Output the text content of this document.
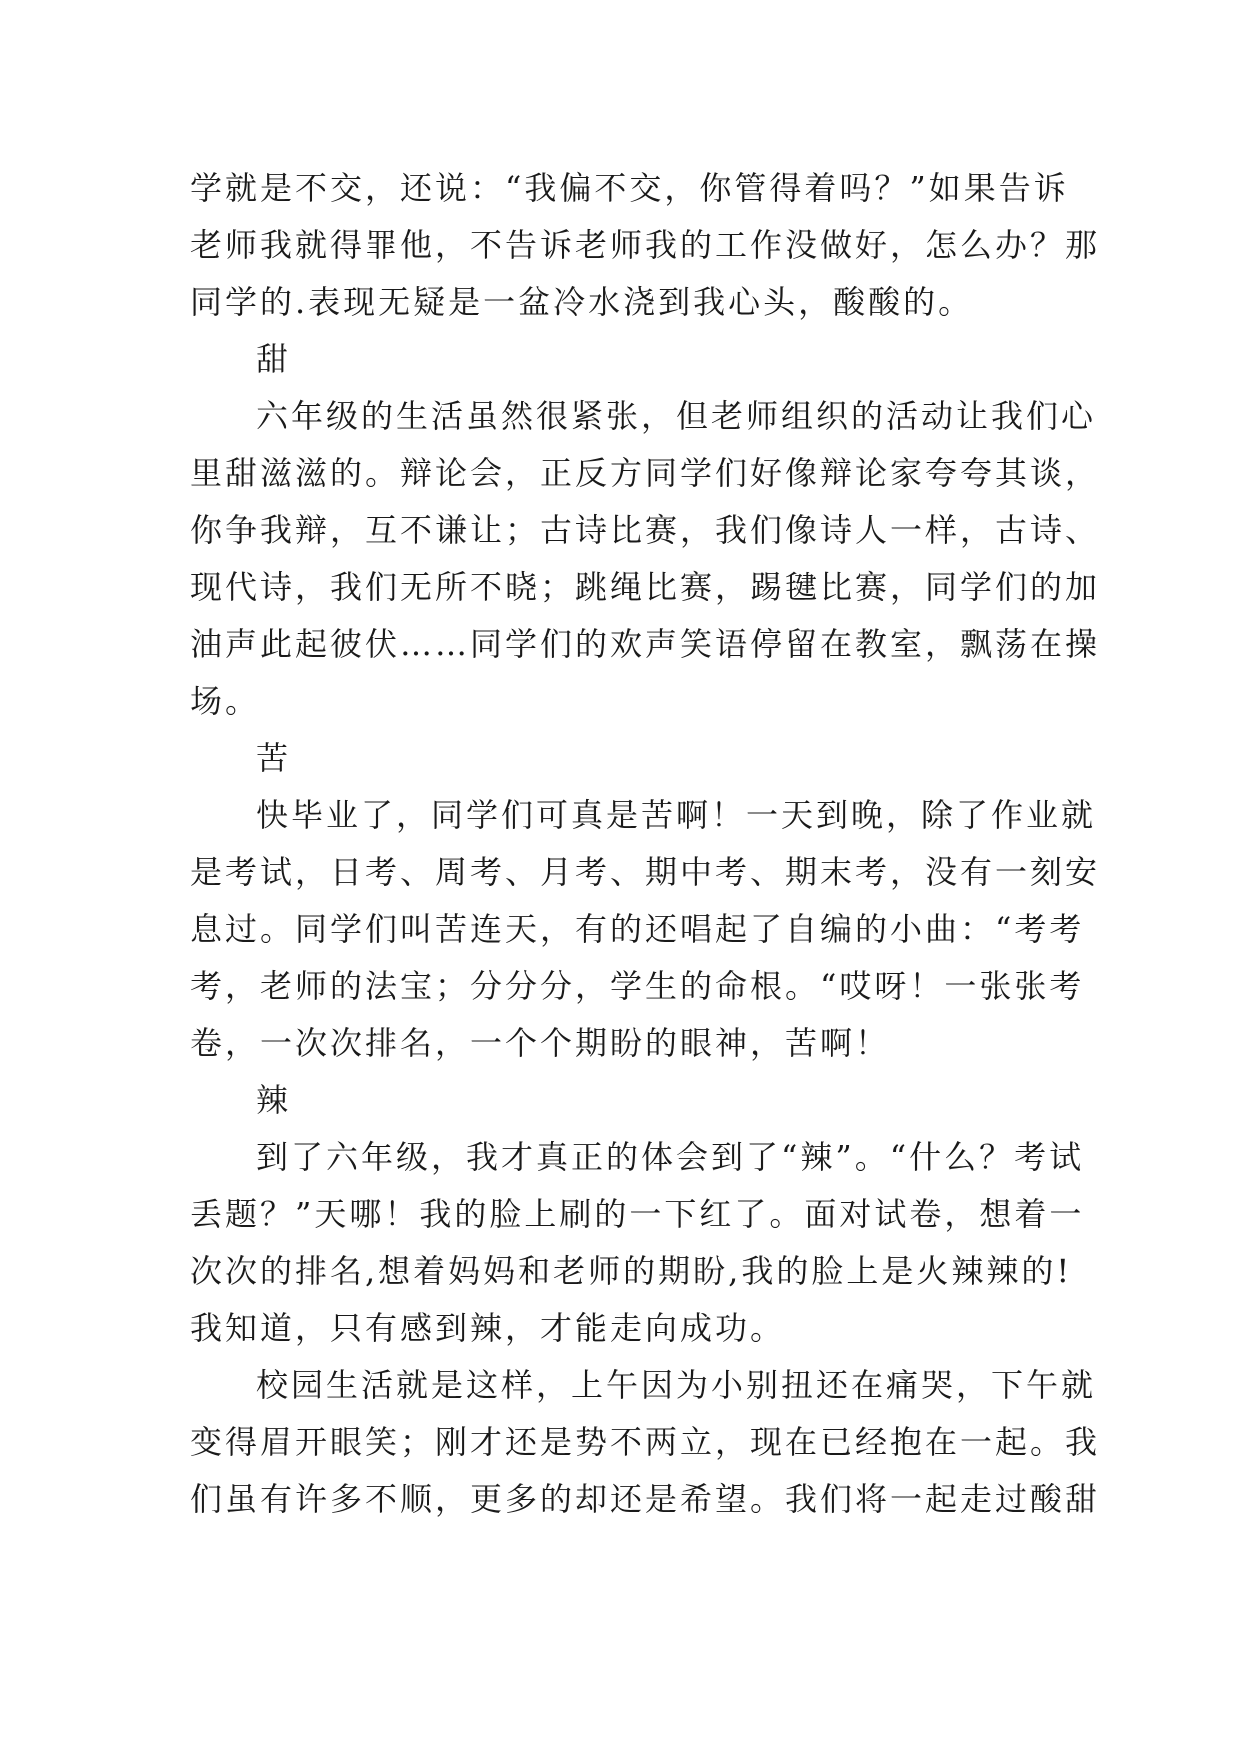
学就是不交，还说：“我偏不交，你管得着吗？”如果告诉
老师我就得罪他，不告诉老师我的工作没做好，怎么办？那
同学的.表现无疑是一盆冷水浇到我心头，酸酸的。
甜
六年级的生活虽然很紧张，但老师组织的活动让我们心
里甜滋滋的。辩论会，正反方同学们好像辩论家夸夸其谈，
你争我辩，互不谦让；古诗比赛，我们像诗人一样，古诗、
现代诗，我们无所不晓；跳绳比赛，踢毽比赛，同学们的加
油声此起彼伏……同学们的欢声笑语停留在教室，飘荡在操
场。
苦
快毕业了，同学们可真是苦啊！一天到晚，除了作业就
是考试，日考、周考、月考、期中考、期末考，没有一刻安
息过。同学们叫苦连天，有的还唱起了自编的小曲：“考考
考，老师的法宝；分分分，学生的命根。“哎呀！一张张考
卷，一次次排名，一个个期盼的眼神，苦啊！
辣
到了六年级，我才真正的体会到了“辣”。“什么？考试
丢题？”天哪！我的脸上刷的一下红了。面对试卷，想着一
次次的排名,想着妈妈和老师的期盼,我的脸上是火辣辣的!
我知道，只有感到辣，才能走向成功。
校园生活就是这样，上午因为小别扭还在痛哭，下午就
变得眉开眼笑；刚才还是势不两立，现在已经抱在一起。我
们虽有许多不顺，更多的却还是希望。我们将一起走过酸甜
